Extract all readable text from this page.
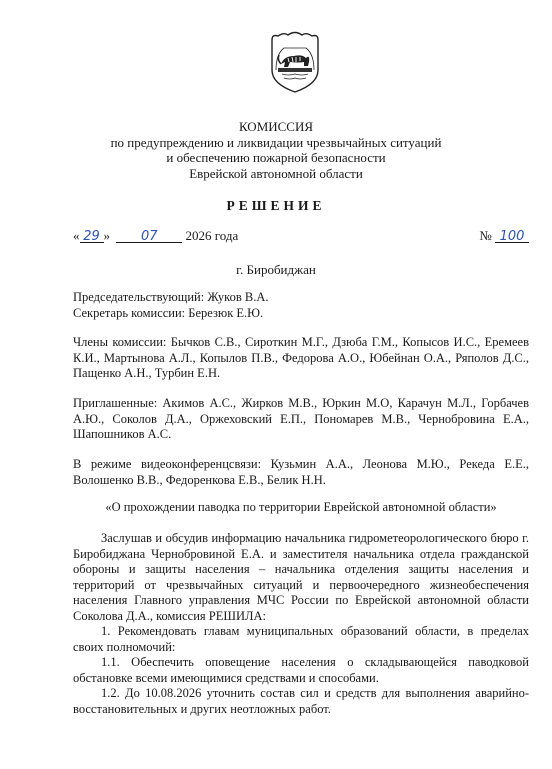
КОМИССИЯ
по предупреждению и ликвидации чрезвычайных ситуаций
и обеспечению пожарной безопасности
Еврейской автономной области
РЕШЕНИЕ
« 29 » 07 2026 года	№ 100
г. Биробиджан

Председательствующий: Жуков В.А.

Секретарь комиссии: Березюк Е.Ю.

Члены комиссии: Бычков С.В., Сироткин М.Г., Дзюба Г.М., Копысов И.С., Еремеев К.И., Мартынова А.Л., Копылов П.В., Федорова А.О., Юбейнан О.А., Ряполов Д.С., Пащенко А.Н., Турбин Е.Н.

Приглашенные: Акимов А.С., Жирков М.В., Юркин М.О, Карачун М.Л., Горбачев А.Ю., Соколов Д.А., Оржеховский Е.П., Пономарев М.В., Чернобровина Е.А., Шапошников А.С.

В режиме видеоконференцсвязи: Кузьмин А.А., Леонова М.Ю., Рекеда Е.Е., Волошенко В.В., Федоренкова Е.В., Белик Н.Н.

«О прохождении паводка по территории Еврейской автономной области»

Заслушав и обсудив информацию начальника гидрометеорологического бюро г. Биробиджана Чернобровиной Е.А. и заместителя начальника отдела гражданской обороны и защиты населения – начальника отделения защиты населения и территорий от чрезвычайных ситуаций и первоочередного жизнеобеспечения населения Главного управления МЧС России по Еврейской автономной области Соколова Д.А., комиссия РЕШИЛА:

1. Рекомендовать главам муниципальных образований области, в пределах своих полномочий:

1.1. Обеспечить оповещение населения о складывающейся паводковой обстановке всеми имеющимися средствами и способами.

1.2. До 10.08.2026 уточнить состав сил и средств для выполнения аварийно-восстановительных и других неотложных работ.
